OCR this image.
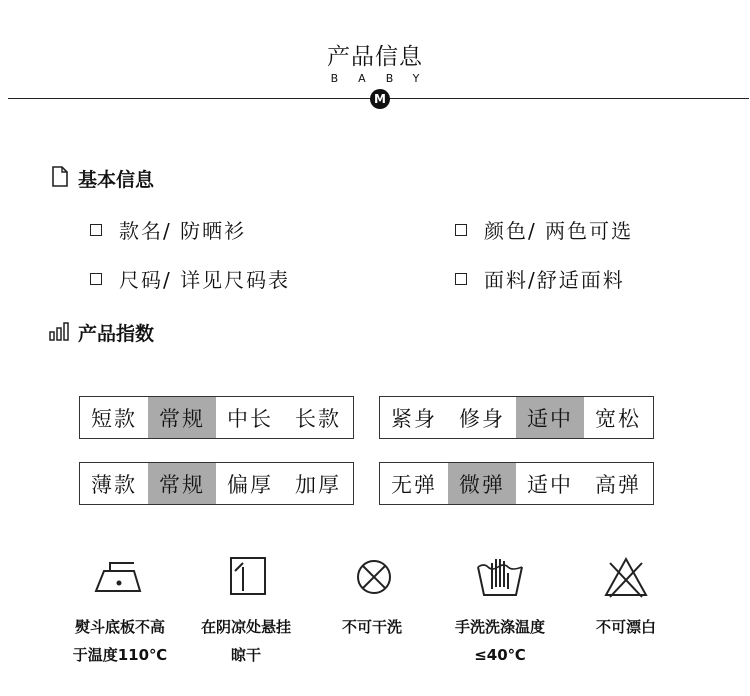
产品信息
BABY
M
基本信息
款名/ 防晒衫	颜色/ 两色可选
尺码/ 详见尺码表	面料/舒适面料
产品指数
短款	常规	中长	长款	紧身	修身	适中	宽松
薄款	常规	偏厚	加厚	无弹	微弹	适中	高弹
熨斗底板不高
于温度110℃
在阴凉处悬挂
晾干
不可干洗	手洗洗涤温度
≤40℃
不可漂白
